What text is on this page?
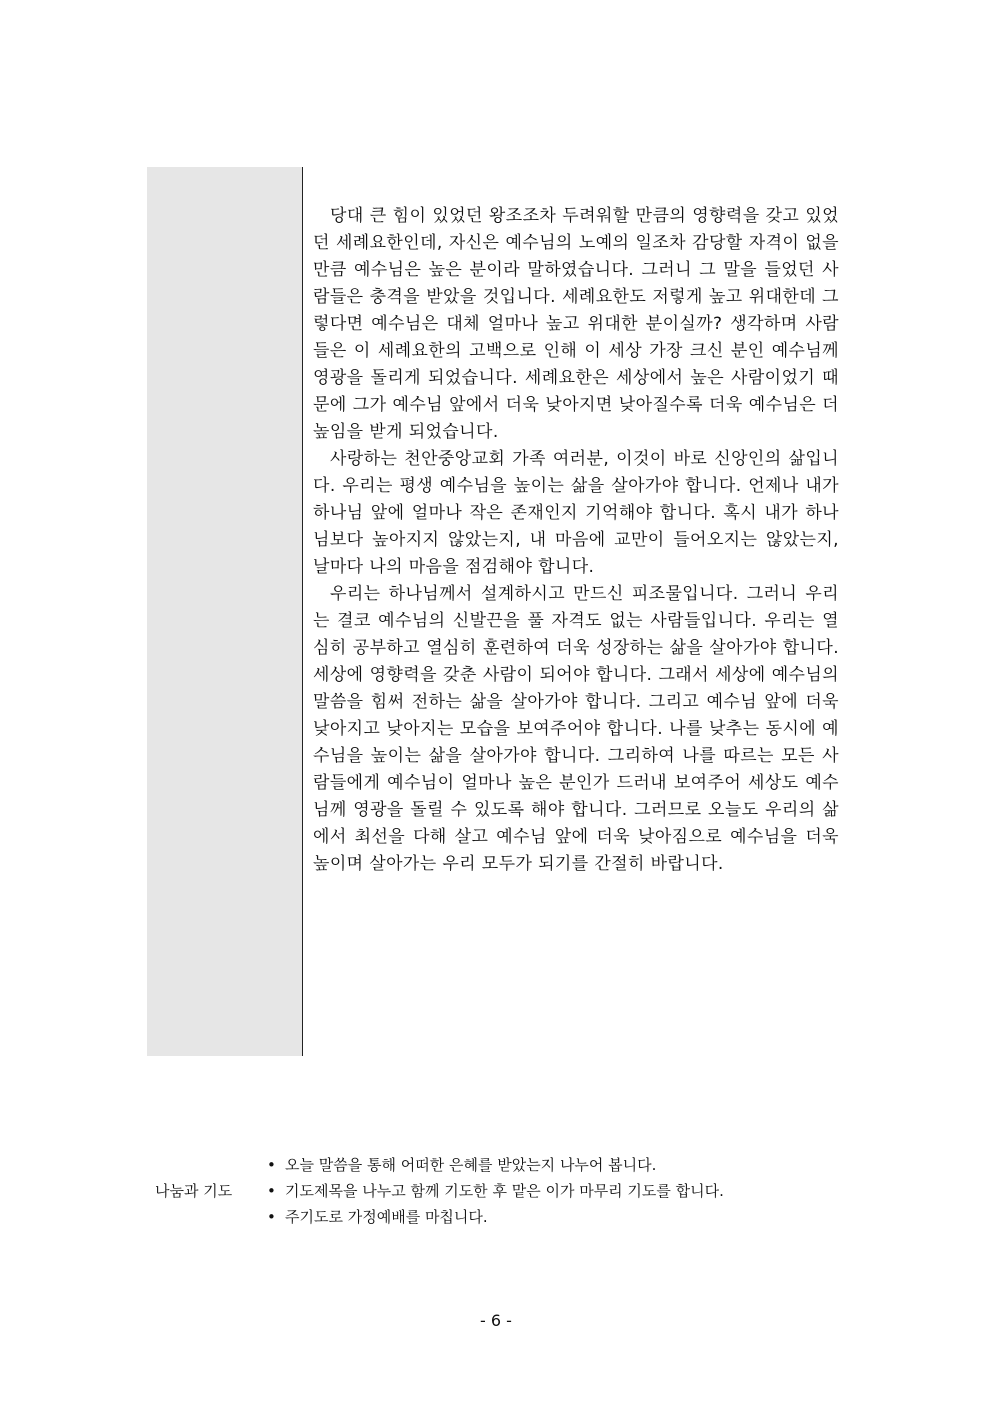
당대 큰 힘이 있었던 왕조조차 두려워할 만큼의 영향력을 갖고 있었던 세례요한인데, 자신은 예수님의 노예의 일조차 감당할 자격이 없을 만큼 예수님은 높은 분이라 말하였습니다. 그러니 그 말을 들었던 사람들은 충격을 받았을 것입니다. 세례요한도 저렇게 높고 위대한데 그렇다면 예수님은 대체 얼마나 높고 위대한 분이실까? 생각하며 사람들은 이 세례요한의 고백으로 인해 이 세상 가장 크신 분인 예수님께 영광을 돌리게 되었습니다. 세례요한은 세상에서 높은 사람이었기 때문에 그가 예수님 앞에서 더욱 낮아지면 낮아질수록 더욱 예수님은 더 높임을 받게 되었습니다.

사랑하는 천안중앙교회 가족 여러분, 이것이 바로 신앙인의 삶입니다. 우리는 평생 예수님을 높이는 삶을 살아가야 합니다. 언제나 내가 하나님 앞에 얼마나 작은 존재인지 기억해야 합니다. 혹시 내가 하나님보다 높아지지 않았는지, 내 마음에 교만이 들어오지는 않았는지, 날마다 나의 마음을 점검해야 합니다.

우리는 하나님께서 설계하시고 만드신 피조물입니다. 그러니 우리는 결코 예수님의 신발끈을 풀 자격도 없는 사람들입니다. 우리는 열심히 공부하고 열심히 훈련하여 더욱 성장하는 삶을 살아가야 합니다. 세상에 영향력을 갖춘 사람이 되어야 합니다. 그래서 세상에 예수님의 말씀을 힘써 전하는 삶을 살아가야 합니다. 그리고 예수님 앞에 더욱 낮아지고 낮아지는 모습을 보여주어야 합니다. 나를 낮추는 동시에 예수님을 높이는 삶을 살아가야 합니다. 그리하여 나를 따르는 모든 사람들에게 예수님이 얼마나 높은 분인가 드러내 보여주어 세상도 예수님께 영광을 돌릴 수 있도록 해야 합니다. 그러므로 오늘도 우리의 삶에서 최선을 다해 살고 예수님 앞에 더욱 낮아짐으로 예수님을 더욱 높이며 살아가는 우리 모두가 되기를 간절히 바랍니다.

나눔과 기도
• 오늘 말씀을 통해 어떠한 은혜를 받았는지 나누어 봅니다.
• 기도제목을 나누고 함께 기도한 후 맡은 이가 마무리 기도를 합니다.
• 주기도로 가정예배를 마칩니다.
- 6 -
